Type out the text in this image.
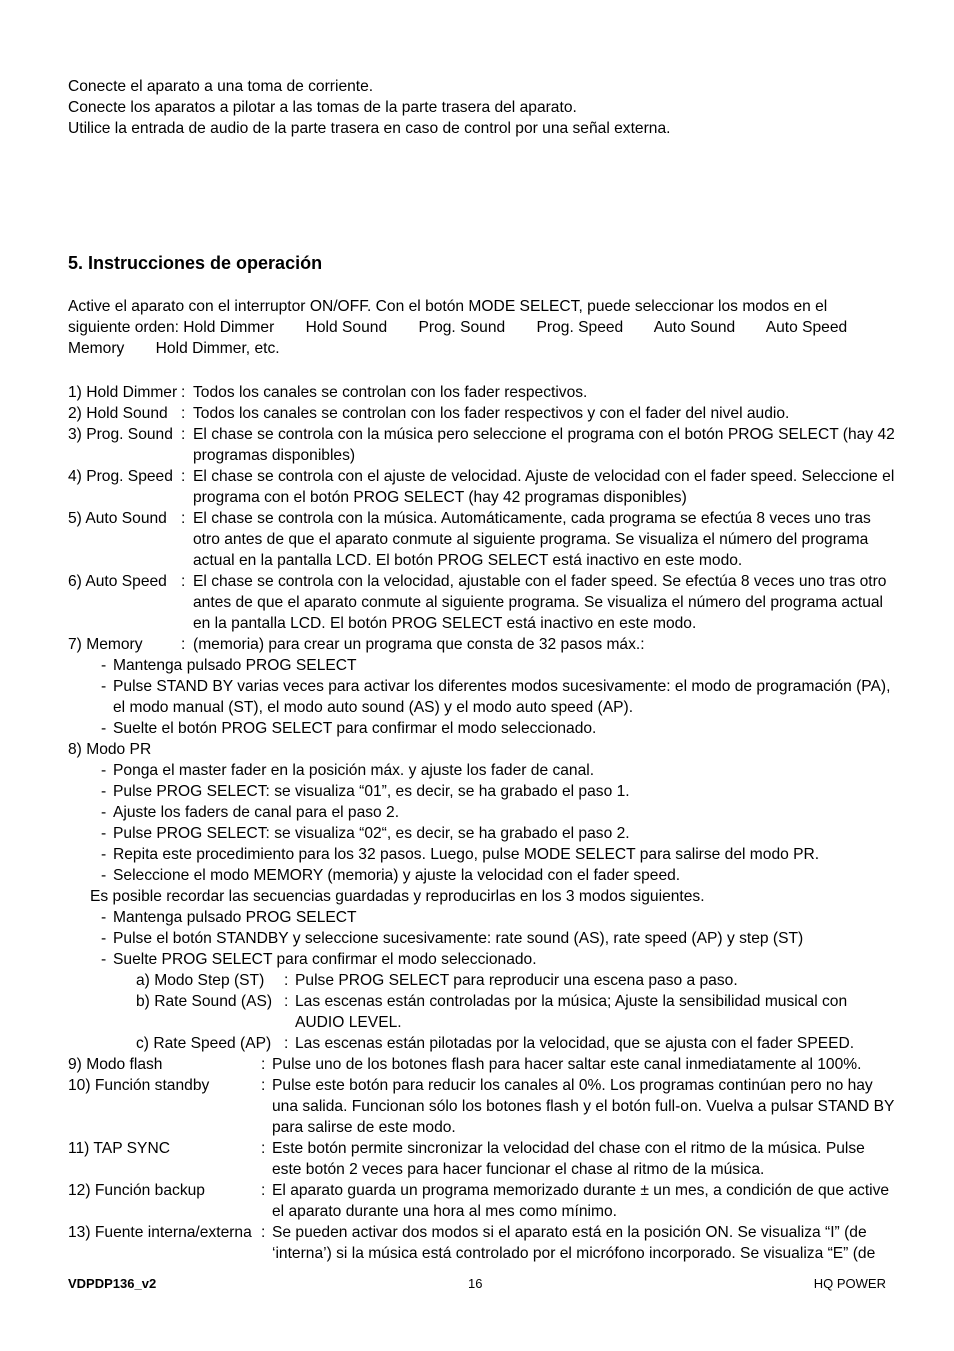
Conecte el aparato a una toma de corriente.
Conecte los aparatos a pilotar a las tomas de la parte trasera del aparato.
Utilice la entrada de audio de la parte trasera en caso de control por una señal externa.
5. Instrucciones de operación
Active el aparato con el interruptor ON/OFF. Con el botón MODE SELECT, puede seleccionar los modos en el
siguiente orden: Hold Dimmer Hold Sound Prog. Sound Prog. Speed Auto Sound Auto Speed
Memory Hold Dimmer, etc.
1) Hold Dimmer : Todos los canales se controlan con los fader respectivos.
2) Hold Sound : Todos los canales se controlan con los fader respectivos y con el fader del nivel audio.
3) Prog. Sound : El chase se controla con la música pero seleccione el programa con el botón PROG SELECT (hay 42 programas disponibles)
4) Prog. Speed : El chase se controla con el ajuste de velocidad. Ajuste de velocidad con el fader speed. Seleccione el programa con el botón PROG SELECT (hay 42 programas disponibles)
5) Auto Sound : El chase se controla con la música. Automáticamente, cada programa se efectúa 8 veces uno tras otro antes de que el aparato conmute al siguiente programa. Se visualiza el número del programa actual en la pantalla LCD. El botón PROG SELECT está inactivo en este modo.
6) Auto Speed : El chase se controla con la velocidad, ajustable con el fader speed. Se efectúa 8 veces uno tras otro antes de que el aparato conmute al siguiente programa. Se visualiza el número del programa actual en la pantalla LCD. El botón PROG SELECT está inactivo en este modo.
7) Memory	: (memoria) para crear un programa que consta de 32 pasos máx.:
- Mantenga pulsado PROG SELECT
- Pulse STAND BY varias veces para activar los diferentes modos sucesivamente: el modo de programación (PA), el modo manual (ST), el modo auto sound (AS) y el modo auto speed (AP).
- Suelte el botón PROG SELECT para confirmar el modo seleccionado.
8) Modo PR
- Ponga el master fader en la posición máx. y ajuste los fader de canal.
- Pulse PROG SELECT: se visualiza “01”, es decir, se ha grabado el paso 1.
- Ajuste los faders de canal para el paso 2.
- Pulse PROG SELECT: se visualiza “02“, es decir, se ha grabado el paso 2.
- Repita este procedimiento para los 32 pasos. Luego, pulse MODE SELECT para salirse del modo PR.
- Seleccione el modo MEMORY (memoria) y ajuste la velocidad con el fader speed.
Es posible recordar las secuencias guardadas y reproducirlas en los 3 modos siguientes.
- Mantenga pulsado PROG SELECT
- Pulse el botón STANDBY y seleccione sucesivamente: rate sound (AS), rate speed (AP) y step (ST)
- Suelte PROG SELECT para confirmar el modo seleccionado.
a) Modo Step (ST)	: Pulse PROG SELECT para reproducir una escena paso a paso.
b) Rate Sound (AS) : Las escenas están controladas por la música; Ajuste la sensibilidad musical con AUDIO LEVEL.
c) Rate Speed (AP) : Las escenas están pilotadas por la velocidad, que se ajusta con el fader SPEED.
9) Modo flash	: Pulse uno de los botones flash para hacer saltar este canal inmediatamente al 100%.
10) Función standby	: Pulse este botón para reducir los canales al 0%. Los programas continúan pero no hay una salida. Funcionan sólo los botones flash y el botón full-on. Vuelva a pulsar STAND BY para salirse de este modo.
11) TAP SYNC	: Este botón permite sincronizar la velocidad del chase con el ritmo de la música. Pulse este botón 2 veces para hacer funcionar el chase al ritmo de la música.
12) Función backup	: El aparato guarda un programa memorizado durante ± un mes, a condición de que active el aparato durante una hora al mes como mínimo.
13) Fuente interna/externa : Se pueden activar dos modos si el aparato está en la posición ON. Se visualiza “I” (de ‘interna’) si la música está controlado por el micrófono incorporado. Se visualiza “E” (de
VDPDP136_v2	16	HQ POWER
